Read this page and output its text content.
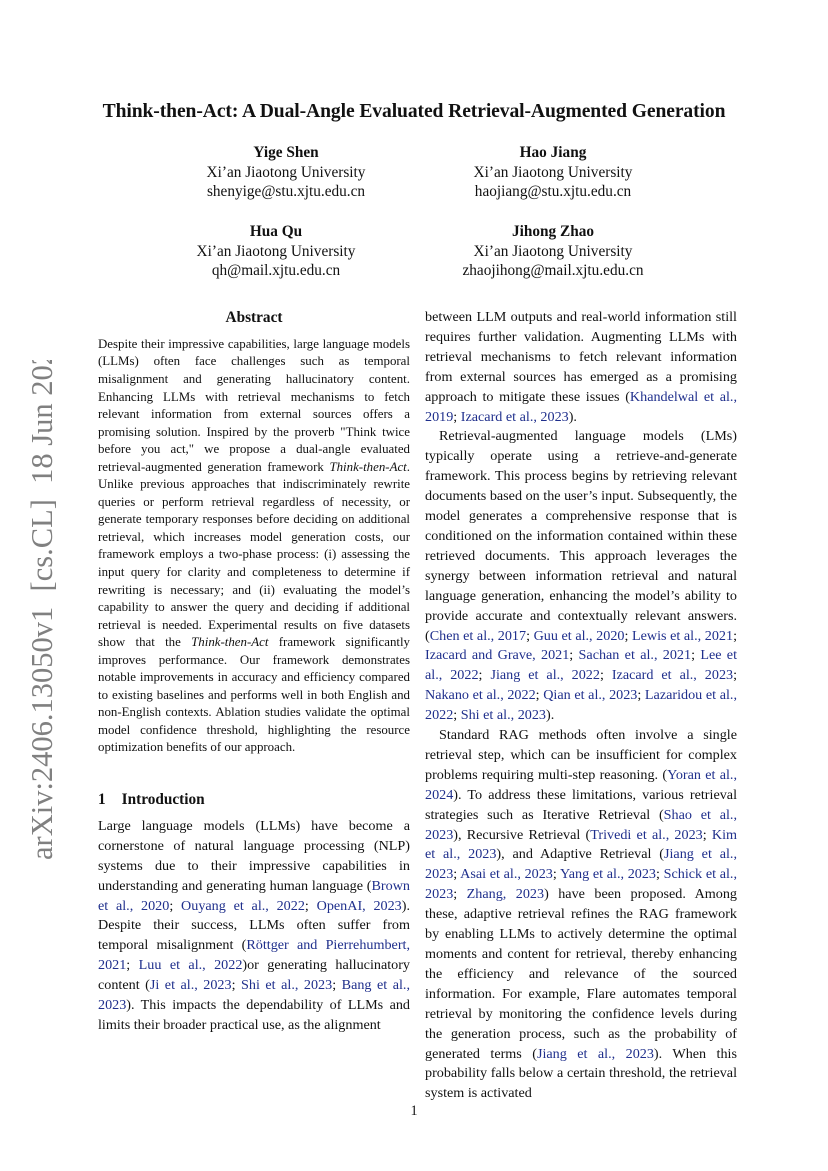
arXiv:2406.13050v1  [cs.CL]  18 Jun 2024
Think-then-Act: A Dual-Angle Evaluated Retrieval-Augmented Generation
Yige Shen
Xi’an Jiaotong University
shenyige@stu.xjtu.edu.cn
Hao Jiang
Xi’an Jiaotong University
haojiang@stu.xjtu.edu.cn
Hua Qu
Xi’an Jiaotong University
qh@mail.xjtu.edu.cn
Jihong Zhao
Xi’an Jiaotong University
zhaojihong@mail.xjtu.edu.cn
Abstract

Despite their impressive capabilities, large language models (LLMs) often face challenges such as temporal misalignment and generating hallucinatory content. Enhancing LLMs with retrieval mechanisms to fetch relevant information from external sources offers a promising solution. Inspired by the proverb "Think twice before you act," we propose a dual-angle evaluated retrieval-augmented generation framework Think-then-Act. Unlike previous approaches that indiscriminately rewrite queries or perform retrieval regardless of necessity, or generate temporary responses before deciding on additional retrieval, which increases model generation costs, our framework employs a two-phase process: (i) assessing the input query for clarity and completeness to determine if rewriting is necessary; and (ii) evaluating the model’s capability to answer the query and deciding if additional retrieval is needed. Experimental results on five datasets show that the Think-then-Act framework significantly improves performance. Our framework demonstrates notable improvements in accuracy and efficiency compared to existing baselines and performs well in both English and non-English contexts. Ablation studies validate the optimal model confidence threshold, highlighting the resource optimization benefits of our approach.

1 Introduction

Large language models (LLMs) have become a cornerstone of natural language processing (NLP) systems due to their impressive capabilities in understanding and generating human language (Brown et al., 2020; Ouyang et al., 2022; OpenAI, 2023). Despite their success, LLMs often suffer from temporal misalignment (Röttger and Pierrehumbert, 2021; Luu et al., 2022)or generating hallucinatory content (Ji et al., 2023; Shi et al., 2023; Bang et al., 2023). This impacts the dependability of LLMs and limits their broader practical use, as the alignment

between LLM outputs and real-world information still requires further validation. Augmenting LLMs with retrieval mechanisms to fetch relevant information from external sources has emerged as a promising approach to mitigate these issues (Khandelwal et al., 2019; Izacard et al., 2023).

Retrieval-augmented language models (LMs) typically operate using a retrieve-and-generate framework. This process begins by retrieving relevant documents based on the user’s input. Subsequently, the model generates a comprehensive response that is conditioned on the information contained within these retrieved documents. This approach leverages the synergy between information retrieval and natural language generation, enhancing the model’s ability to provide accurate and contextually relevant answers. (Chen et al., 2017; Guu et al., 2020; Lewis et al., 2021; Izacard and Grave, 2021; Sachan et al., 2021; Lee et al., 2022; Jiang et al., 2022; Izacard et al., 2023; Nakano et al., 2022; Qian et al., 2023; Lazaridou et al., 2022; Shi et al., 2023).

Standard RAG methods often involve a single retrieval step, which can be insufficient for complex problems requiring multi-step reasoning. (Yoran et al., 2024). To address these limitations, various retrieval strategies such as Iterative Retrieval (Shao et al., 2023), Recursive Retrieval (Trivedi et al., 2023; Kim et al., 2023), and Adaptive Retrieval (Jiang et al., 2023; Asai et al., 2023; Yang et al., 2023; Schick et al., 2023; Zhang, 2023) have been proposed. Among these, adaptive retrieval refines the RAG framework by enabling LLMs to actively determine the optimal moments and content for retrieval, thereby enhancing the efficiency and relevance of the sourced information. For example, Flare automates temporal retrieval by monitoring the confidence levels during the generation process, such as the probability of generated terms (Jiang et al., 2023). When this probability falls below a certain threshold, the retrieval system is activated

1
